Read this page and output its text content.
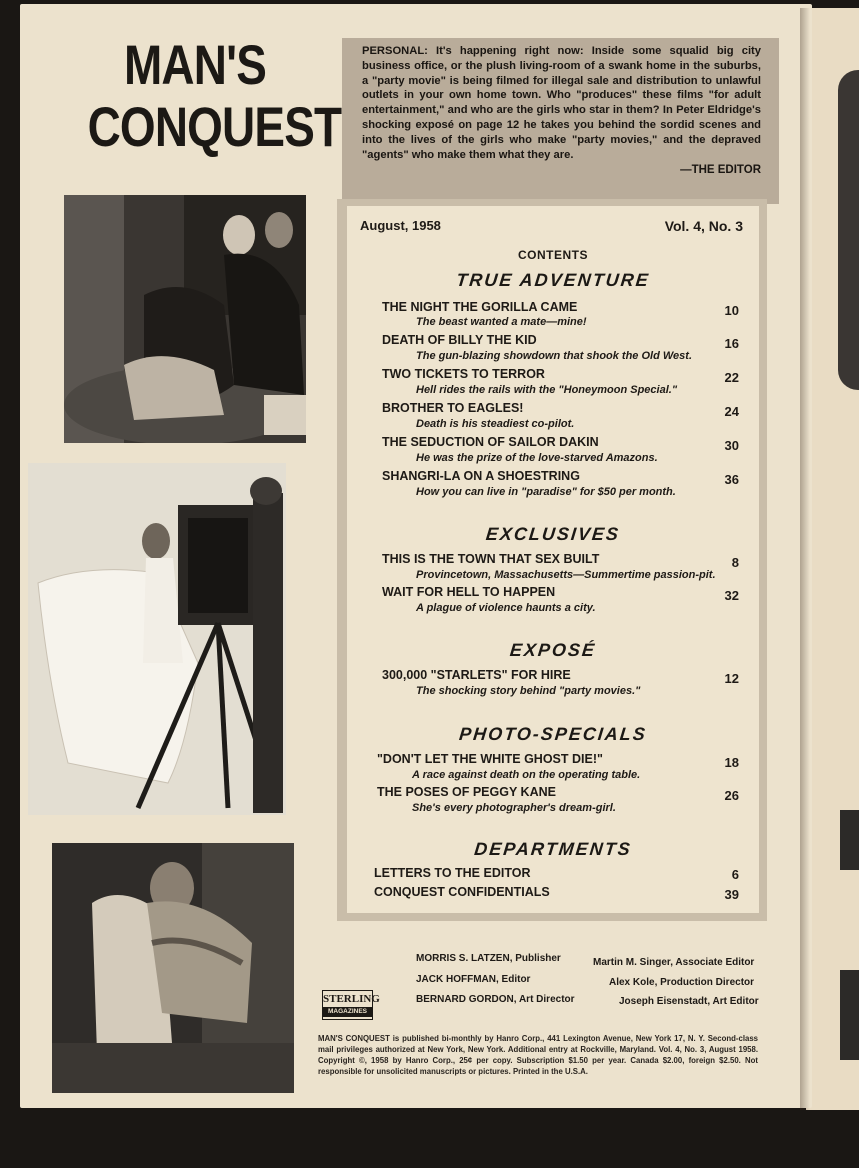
MAN'S
CONQUEST
PERSONAL: It's happening right now: Inside some squalid big city business office, or the plush living-room of a swank home in the suburbs, a "party movie" is being filmed for illegal sale and distribution to unlawful outlets in your own home town. Who "produces" these films "for adult entertainment," and who are the girls who star in them? In Peter Eldridge's shocking exposé on page 12 he takes you behind the sordid scenes and into the lives of the girls who make "party movies," and the depraved "agents" who make them what they are.
—THE EDITOR
August, 1958	Vol. 4, No. 3
CONTENTS
TRUE ADVENTURE
THE NIGHT THE GORILLA CAME	10
The beast wanted a mate—mine!
DEATH OF BILLY THE KID	16
The gun-blazing showdown that shook the Old West.
TWO TICKETS TO TERROR	22
Hell rides the rails with the "Honeymoon Special."
BROTHER TO EAGLES!	24
Death is his steadiest co-pilot.
THE SEDUCTION OF SAILOR DAKIN	30
He was the prize of the love-starved Amazons.
SHANGRI-LA ON A SHOESTRING	36
How you can live in "paradise" for $50 per month.
EXCLUSIVES
THIS IS THE TOWN THAT SEX BUILT	8
Provincetown, Massachusetts—Summertime passion-pit.
WAIT FOR HELL TO HAPPEN	32
A plague of violence haunts a city.
EXPOSÉ
300,000 "STARLETS" FOR HIRE	12
The shocking story behind "party movies."
PHOTO-SPECIALS
"DON'T LET THE WHITE GHOST DIE!"	18
A race against death on the operating table.
THE POSES OF PEGGY KANE	26
She's every photographer's dream-girl.
DEPARTMENTS
LETTERS TO THE EDITOR	6
CONQUEST CONFIDENTIALS	39
MORRIS S. LATZEN, Publisher
JACK HOFFMAN, Editor
BERNARD GORDON, Art Director
Martin M. Singer, Associate Editor
Alex Kole, Production Director
Joseph Eisenstadt, Art Editor
STERLING
MAGAZINES
MAN'S CONQUEST is published bi-monthly by Hanro Corp., 441 Lexington Avenue, New York 17, N. Y. Second-class mail privileges authorized at New York, New York. Additional entry at Rockville, Maryland. Vol. 4, No. 3, August 1958. Copyright ©, 1958 by Hanro Corp., 25¢ per copy. Subscription $1.50 per year. Canada $2.00, foreign $2.50. Not responsible for unsolicited manuscripts or pictures. Printed in the U.S.A.
